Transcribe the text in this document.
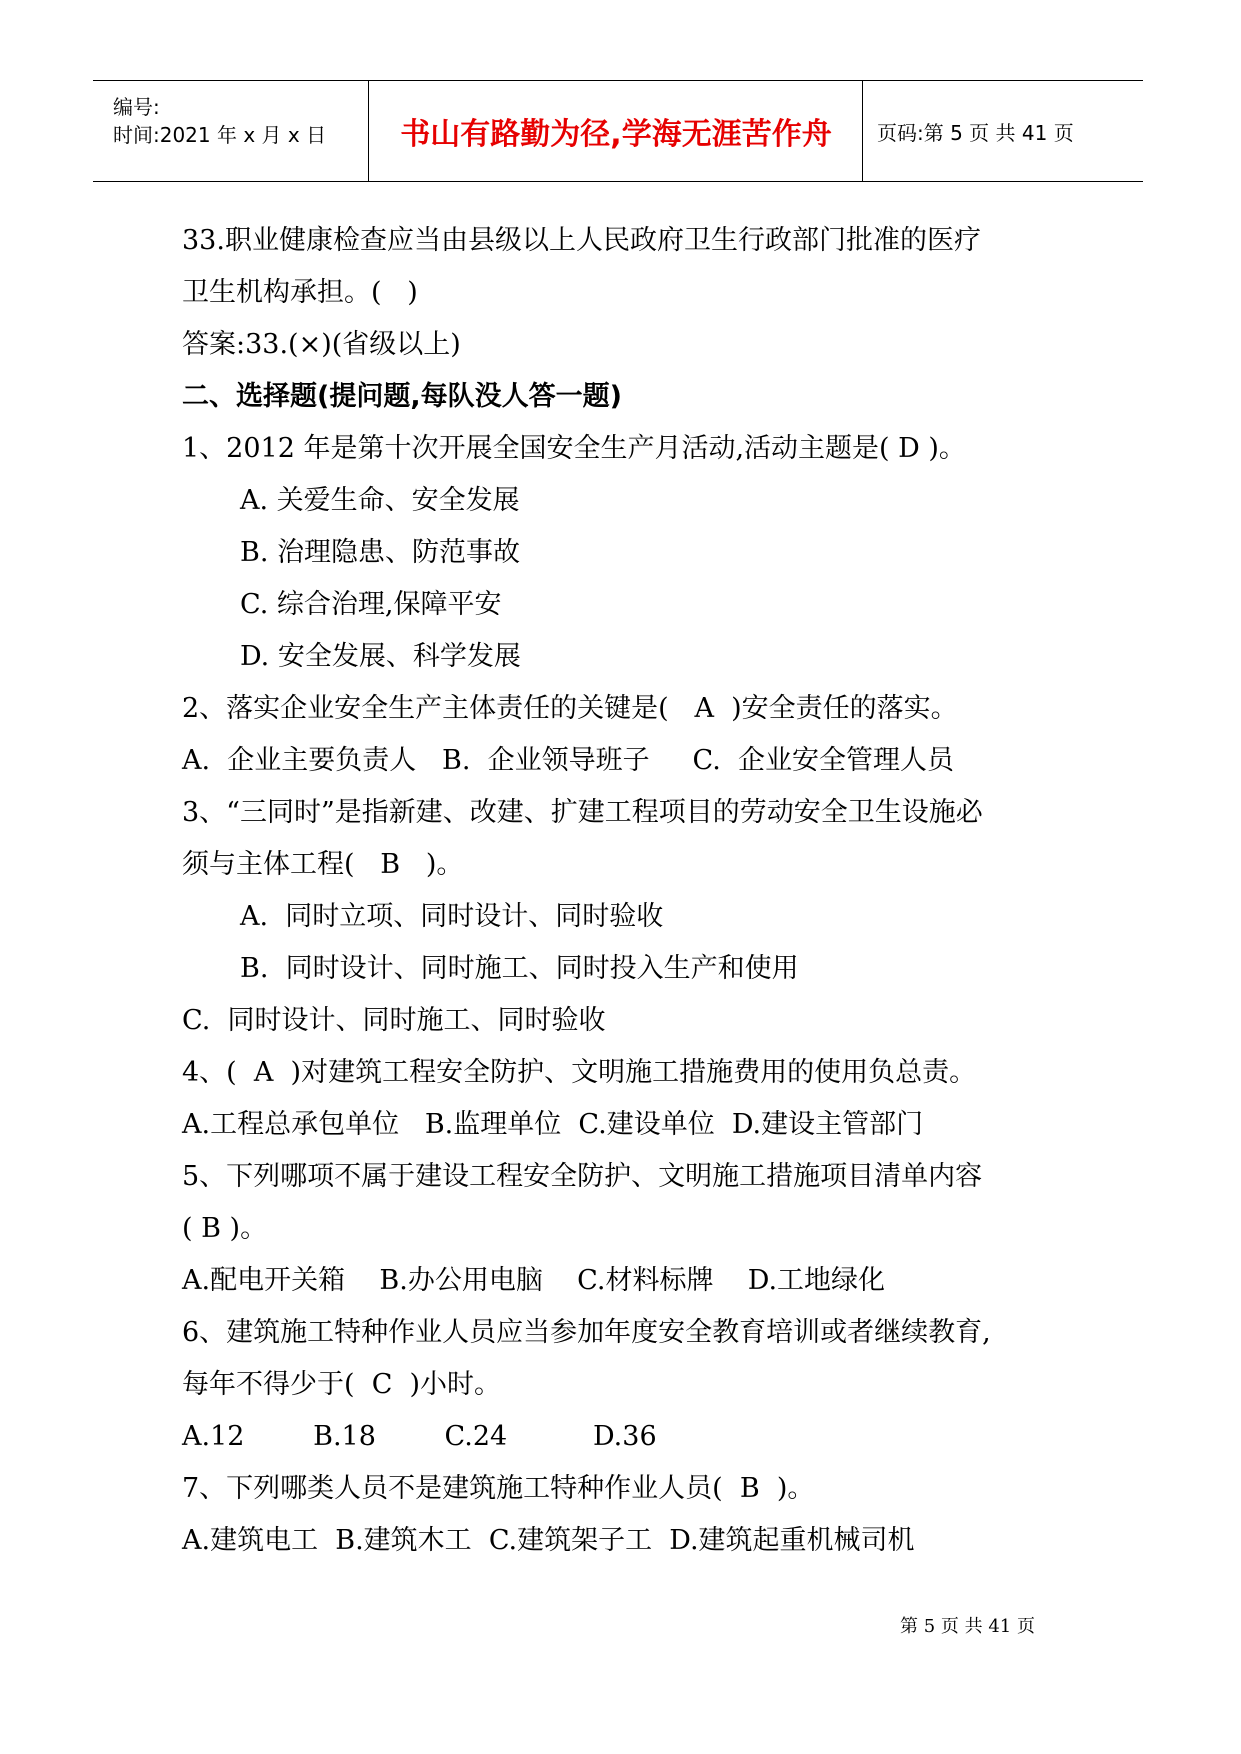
编号:
时间:2021 年 x 月 x 日	书山有路勤为径,学海无涯苦作舟	页码:第 5 页 共 41 页
33.职业健康检查应当由县级以上人民政府卫生行政部门批准的医疗
卫生机构承担。(   )
答案:33.(×)(省级以上)
二、选择题(提问题,每队没人答一题)
1、2012 年是第十次开展全国安全生产月活动,活动主题是( D )。
A. 关爱生命、安全发展
B. 治理隐患、防范事故
C. 综合治理,保障平安
D. 安全发展、科学发展
2、落实企业安全生产主体责任的关键是(   A  )安全责任的落实。
A.  企业主要负责人   B.  企业领导班子     C.  企业安全管理人员
3、“三同时”是指新建、改建、扩建工程项目的劳动安全卫生设施必
须与主体工程(   B   )。
A.  同时立项、同时设计、同时验收
B.  同时设计、同时施工、同时投入生产和使用
C.  同时设计、同时施工、同时验收
4、(  A  )对建筑工程安全防护、文明施工措施费用的使用负总责。
A.工程总承包单位   B.监理单位  C.建设单位  D.建设主管部门
5、下列哪项不属于建设工程安全防护、文明施工措施项目清单内容
( B )。
A.配电开关箱    B.办公用电脑    C.材料标牌    D.工地绿化
6、建筑施工特种作业人员应当参加年度安全教育培训或者继续教育,
每年不得少于(  C  )小时。
A.12        B.18        C.24          D.36
7、下列哪类人员不是建筑施工特种作业人员(  B  )。
A.建筑电工  B.建筑木工  C.建筑架子工  D.建筑起重机械司机
第 5 页 共 41 页
